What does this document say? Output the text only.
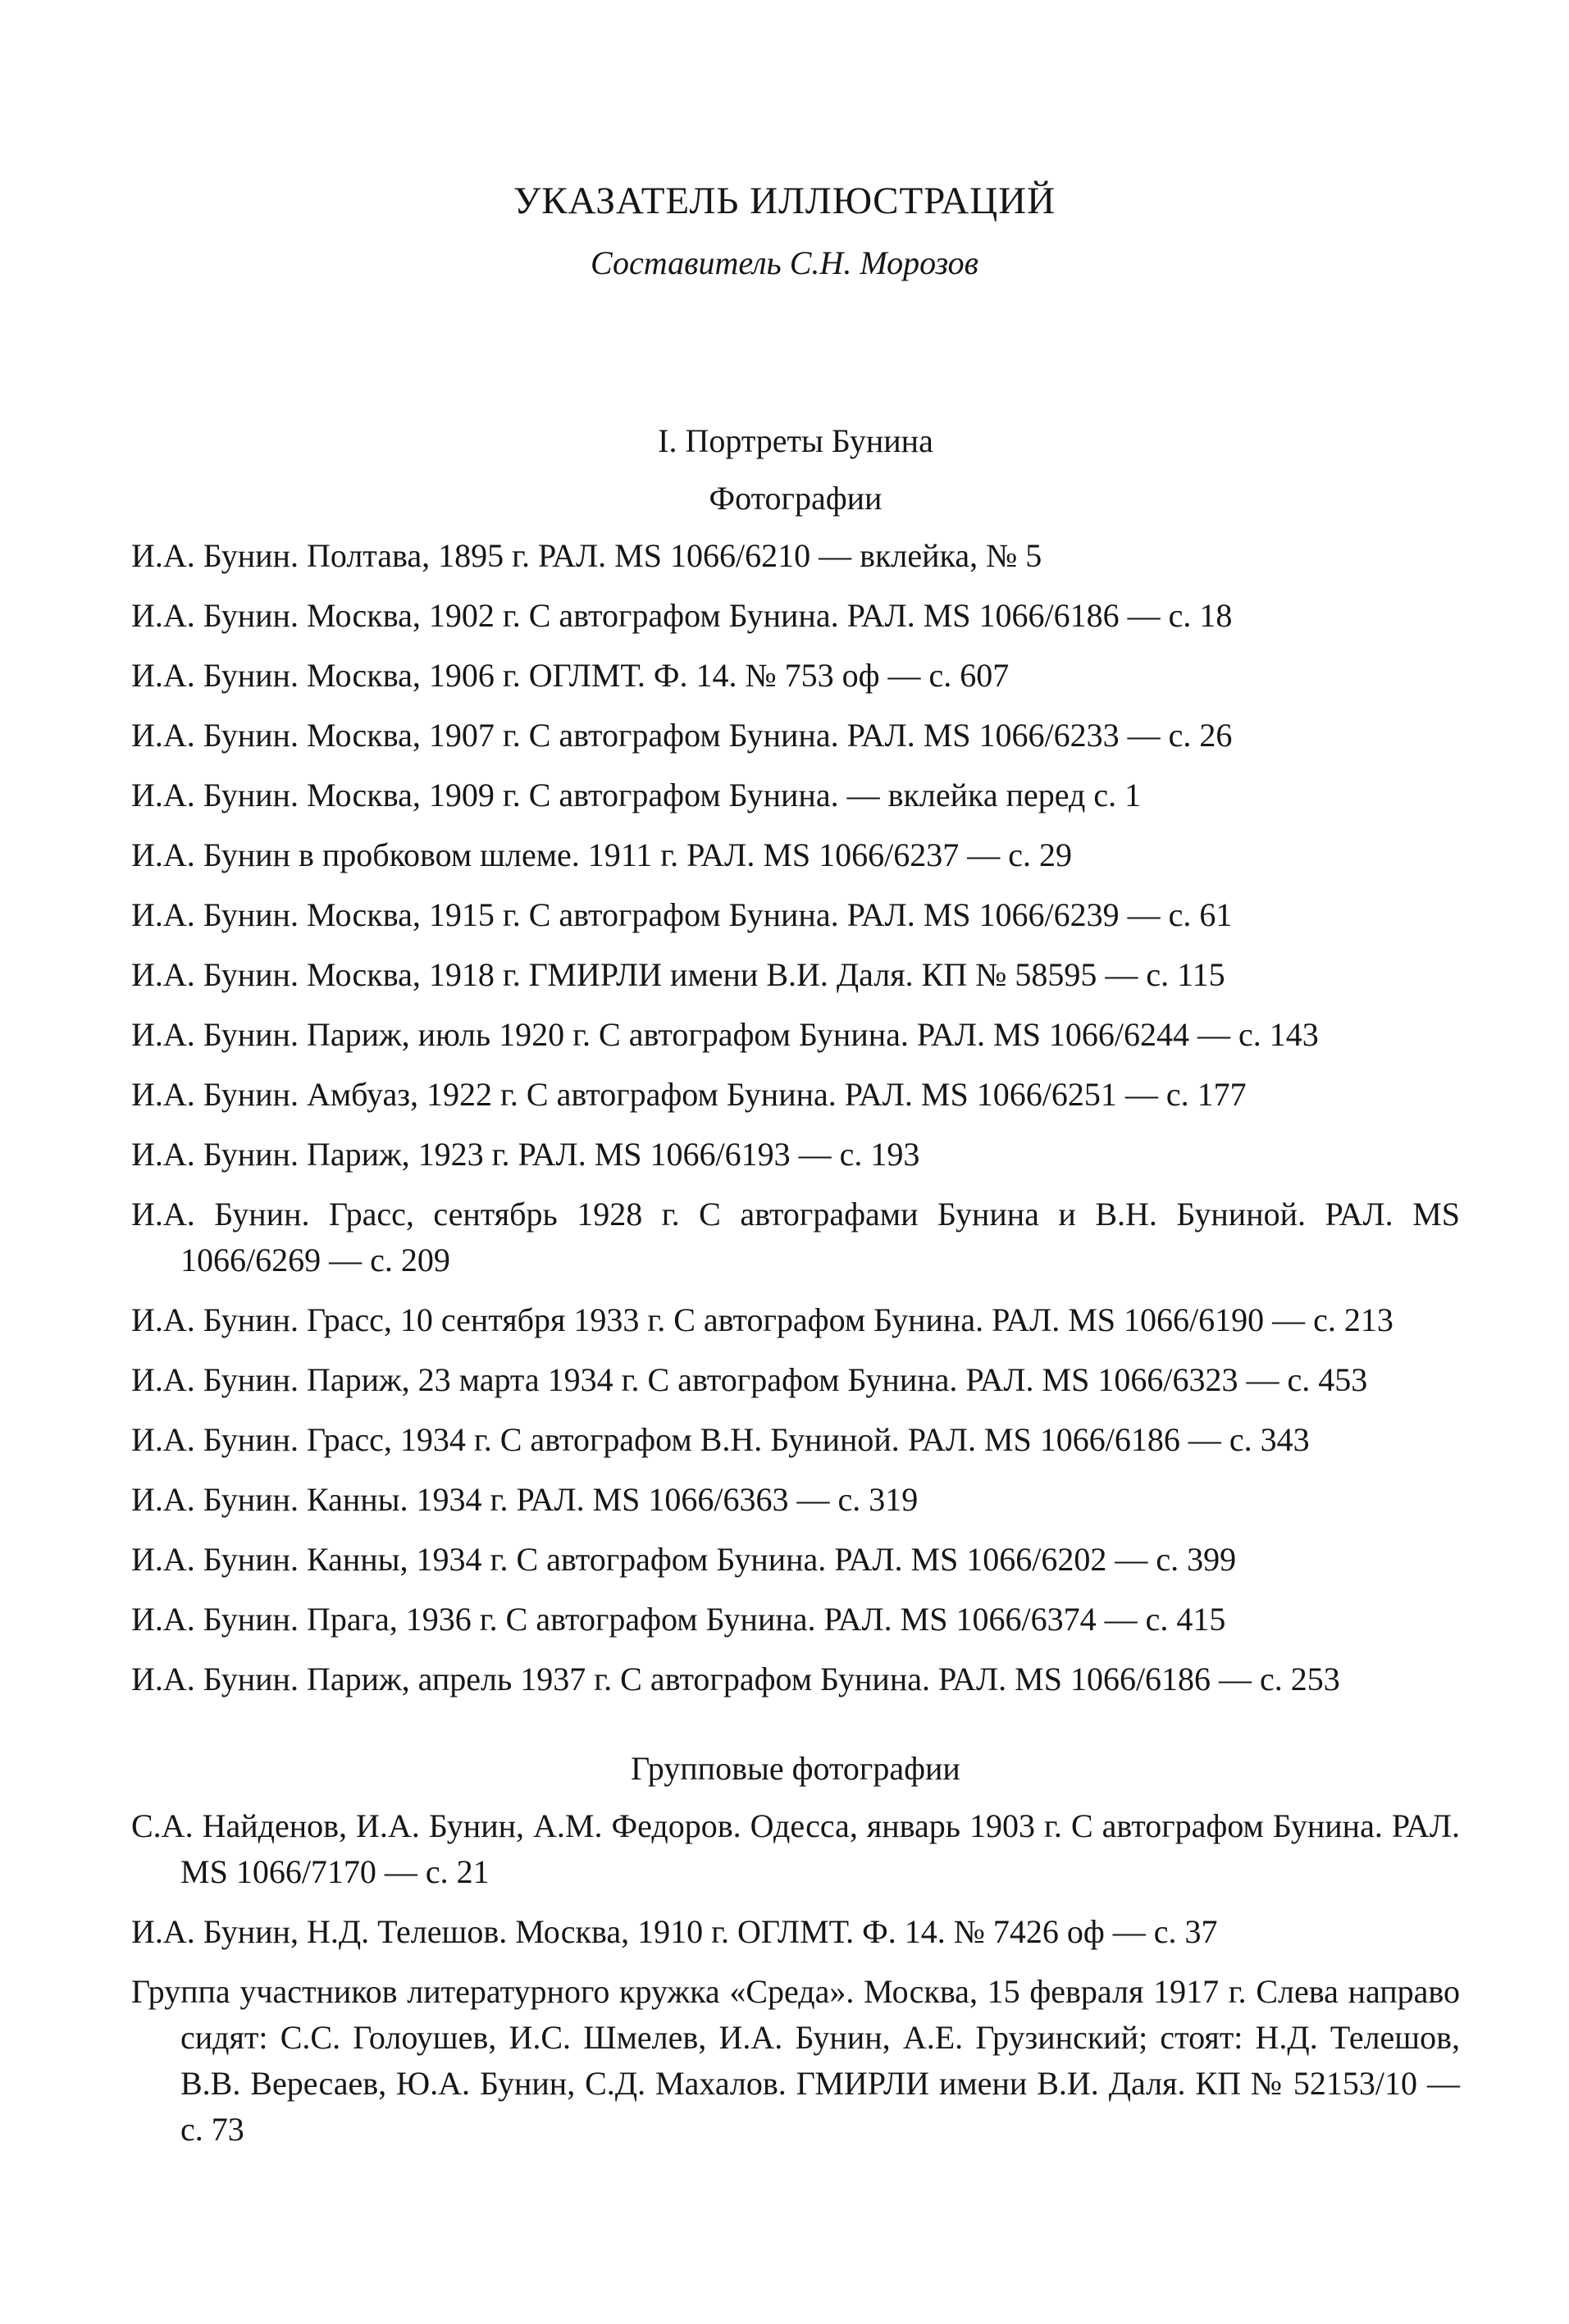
УКАЗАТЕЛЬ ИЛЛЮСТРАЦИЙ

Составитель С.Н. Морозов

I. Портреты Бунина
Фотографии
И.А. Бунин. Полтава, 1895 г. РАЛ. MS 1066/6210 — вклейка, № 5
И.А. Бунин. Москва, 1902 г. С автографом Бунина. РАЛ. MS 1066/6186 — с. 18
И.А. Бунин. Москва, 1906 г. ОГЛМТ. Ф. 14. № 753 оф — с. 607
И.А. Бунин. Москва, 1907 г. С автографом Бунина. РАЛ. MS 1066/6233 — с. 26
И.А. Бунин. Москва, 1909 г. С автографом Бунина. — вклейка перед с. 1
И.А. Бунин в пробковом шлеме. 1911 г. РАЛ. MS 1066/6237 — с. 29
И.А. Бунин. Москва, 1915 г. С автографом Бунина. РАЛ. MS 1066/6239 — с. 61
И.А. Бунин. Москва, 1918 г. ГМИРЛИ имени В.И. Даля. КП № 58595 — с. 115
И.А. Бунин. Париж, июль 1920 г. С автографом Бунина. РАЛ. MS 1066/6244 — с. 143
И.А. Бунин. Амбуаз, 1922 г. С автографом Бунина. РАЛ. MS 1066/6251 — с. 177
И.А. Бунин. Париж, 1923 г. РАЛ. MS 1066/6193 — с. 193
И.А. Бунин. Грасс, сентябрь 1928 г. С автографами Бунина и В.Н. Буниной. РАЛ. MS 1066/6269 — с. 209
И.А. Бунин. Грасс, 10 сентября 1933 г. С автографом Бунина. РАЛ. MS 1066/6190 — с. 213
И.А. Бунин. Париж, 23 марта 1934 г. С автографом Бунина. РАЛ. MS 1066/6323 — с. 453
И.А. Бунин. Грасс, 1934 г. С автографом В.Н. Буниной. РАЛ. MS 1066/6186 — с. 343
И.А. Бунин. Канны. 1934 г. РАЛ. MS 1066/6363 — с. 319
И.А. Бунин. Канны, 1934 г. С автографом Бунина. РАЛ. MS 1066/6202 — с. 399
И.А. Бунин. Прага, 1936 г. С автографом Бунина. РАЛ. MS 1066/6374 — с. 415
И.А. Бунин. Париж, апрель 1937 г. С автографом Бунина. РАЛ. MS 1066/6186 — с. 253
Групповые фотографии
С.А. Найденов, И.А. Бунин, А.М. Федоров. Одесса, январь 1903 г. С автографом Бунина. РАЛ. MS 1066/7170 — с. 21
И.А. Бунин, Н.Д. Телешов. Москва, 1910 г. ОГЛМТ. Ф. 14. № 7426 оф — с. 37
Группа участников литературного кружка «Среда». Москва, 15 февраля 1917 г. Слева направо сидят: С.С. Голоушев, И.С. Шмелев, И.А. Бунин, А.Е. Грузинский; стоят: Н.Д. Телешов, В.В. Вересаев, Ю.А. Бунин, С.Д. Махалов. ГМИРЛИ имени В.И. Даля. КП № 52153/10 — с. 73
